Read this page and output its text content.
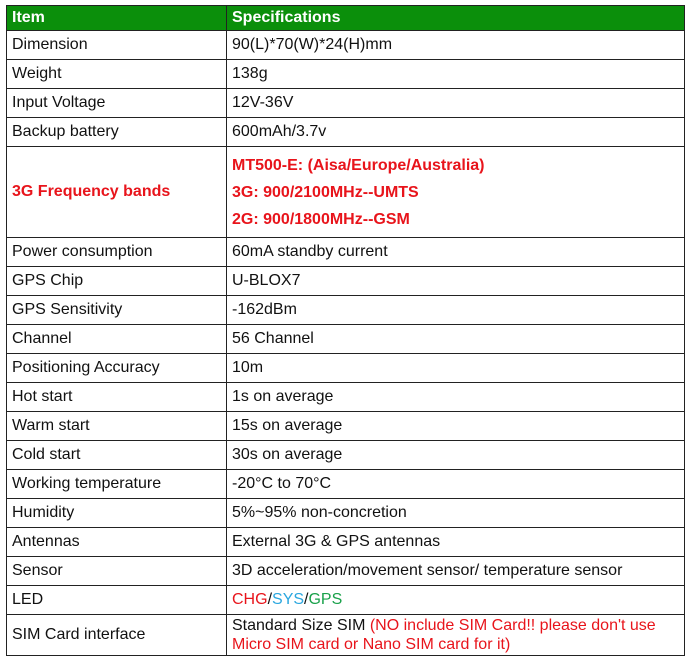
Item	Specifications
Dimension	90(L)*70(W)*24(H)mm
Weight	138g
Input Voltage	12V-36V
Backup battery	600mAh/3.7v
3G Frequency bands	MT500-E: (Aisa/Europe/Australia)
3G: 900/2100MHz--UMTS
2G: 900/1800MHz--GSM

Power consumption	60mA standby current
GPS Chip	U-BLOX7
GPS Sensitivity	-162dBm
Channel	56 Channel
Positioning Accuracy	10m
Hot start	1s on average
Warm start	15s on average
Cold start	30s on average
Working temperature	-20°C to 70°C
Humidity	5%~95% non-concretion
Antennas	External 3G & GPS antennas
Sensor	3D acceleration/movement sensor/ temperature sensor
LED	CHG/SYS/GPS
SIM Card interface	Standard Size SIM (NO include SIM Card!! please don't use Micro SIM card or Nano SIM card for it)
